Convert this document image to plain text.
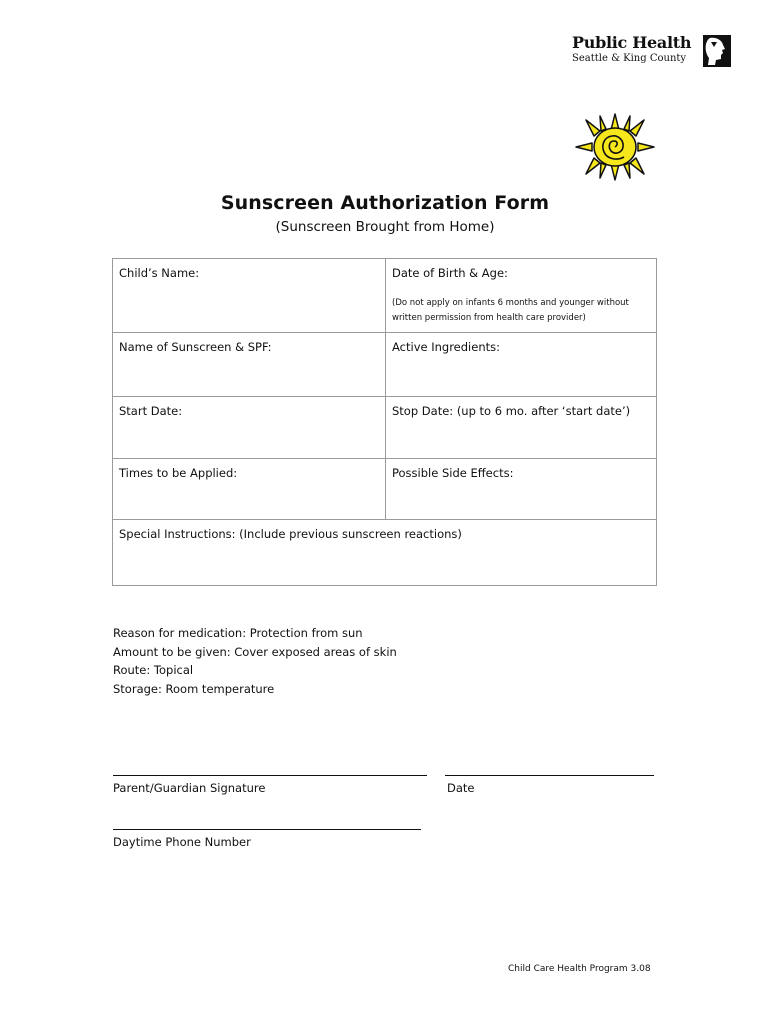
Public Health
Seattle & King County
Sunscreen Authorization Form
(Sunscreen Brought from Home)
Child’s Name:	Date of Birth & Age:
(Do not apply on infants 6 months and younger without written permission from health care provider)

Name of Sunscreen & SPF:	Active Ingredients:
Start Date:	Stop Date: (up to 6 mo. after ‘start date’)
Times to be Applied:	Possible Side Effects:
Special Instructions: (Include previous sunscreen reactions)	
Reason for medication: Protection from sun
Amount to be given: Cover exposed areas of skin
Route: Topical
Storage: Room temperature
Parent/Guardian Signature	Date
Daytime Phone Number
Child Care Health Program 3.08
